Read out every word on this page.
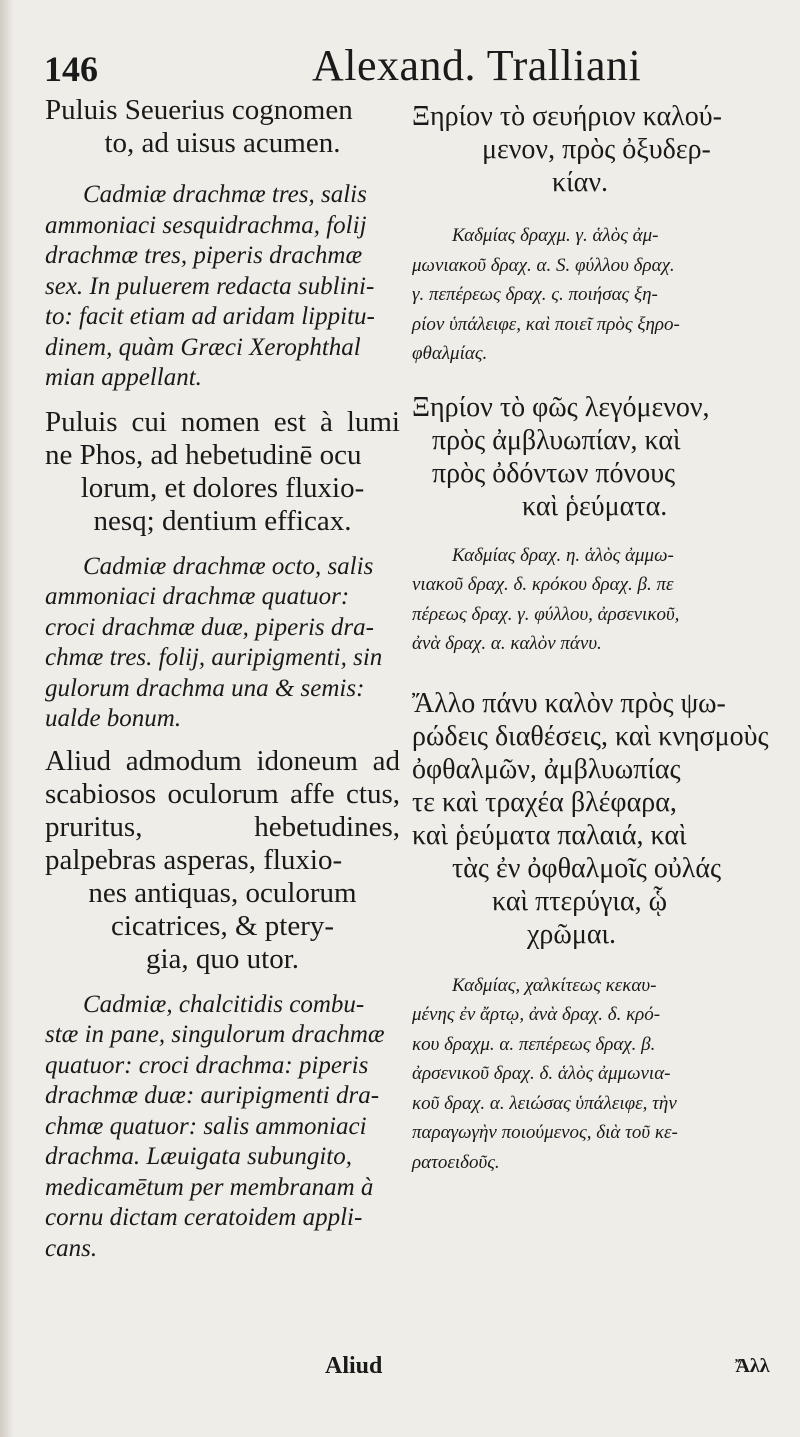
146	Alexand. Tralliani

Puluis Seuerius cognomen
to, ad uisus acumen.

Cadmiæ drachmæ tres, salis
ammoniaci sesquidrachma, folij
drachmæ tres, piperis drachmæ
sex. In puluerem redacta sublini-
to: facit etiam ad aridam lippitu-
dinem, quàm Græci Xerophthal
mian appellant.

Puluis cui nomen est à lumi ne Phos, ad hebetudinē ocu
lorum, et dolores fluxio-
nesq; dentium efficax.

Cadmiæ drachmæ octo, salis
ammoniaci drachmæ quatuor:
croci drachmæ duæ, piperis dra-
chmæ tres. folij, auripigmenti, sin
gulorum drachma una & semis:
ualde bonum.

Aliud admodum idoneum ad scabiosos oculorum affe ctus, pruritus, hebetudines, palpebras asperas, fluxio-
nes antiquas, oculorum
cicatrices, & ptery-
gia, quo utor.

Cadmiæ, chalcitidis combu-
stæ in pane, singulorum drachmæ
quatuor: croci drachma: piperis
drachmæ duæ: auripigmenti dra-
chmæ quatuor: salis ammoniaci
drachma. Læuigata subungito,
medicamētum per membranam à
cornu dictam ceratoidem appli-
cans.

Aliud

Ξηρίον τὸ σευήριον καλού-
μενον, πρὸς ὀξυδερ-
κίαν.

Καδμίας δραχμ. γ. ἁλὸς ἀμ-
μωνιακοῦ δραχ. α. S. φύλλου δραχ.
γ. πεπέρεως δραχ. ς. ποιήσας ξη-
ρίον ὑπάλειφε, καὶ ποιεῖ πρὸς ξηρο-
φθαλμίας.

Ξηρίον τὸ φῶς λεγόμενον,
πρὸς ἀμβλυωπίαν, καὶ
πρὸς ὀδόντων πόνους
καὶ ῥεύματα.

Καδμίας δραχ. η. ἁλὸς ἀμμω-
νιακοῦ δραχ. δ. κρόκου δραχ. β. πε
πέρεως δραχ. γ. φύλλου, ἀρσενικοῦ,
ἀνὰ δραχ. α. καλὸν πάνυ.

Ἄλλο πάνυ καλὸν πρὸς ψω-
ρώδεις διαθέσεις, καὶ κνησμοὺς
ὀφθαλμῶν, ἀμβλυωπίας
τε καὶ τραχέα βλέφαρα,
καὶ ῥεύματα παλαιά, καὶ
τὰς ἐν ὀφθαλμοῖς οὐλάς
καὶ πτερύγια, ᾧ
χρῶμαι.

Καδμίας, χαλκίτεως κεκαυ-
μένης ἐν ἄρτῳ, ἀνὰ δραχ. δ. κρό-
κου δραχμ. α. πεπέρεως δραχ. β.
ἀρσενικοῦ δραχ. δ. ἁλὸς ἀμμωνια-
κοῦ δραχ. α. λειώσας ὑπάλειφε, τὴν
παραγωγὴν ποιούμενος, διὰ τοῦ κε-
ρατοειδοῦς.

Ἄλλ
